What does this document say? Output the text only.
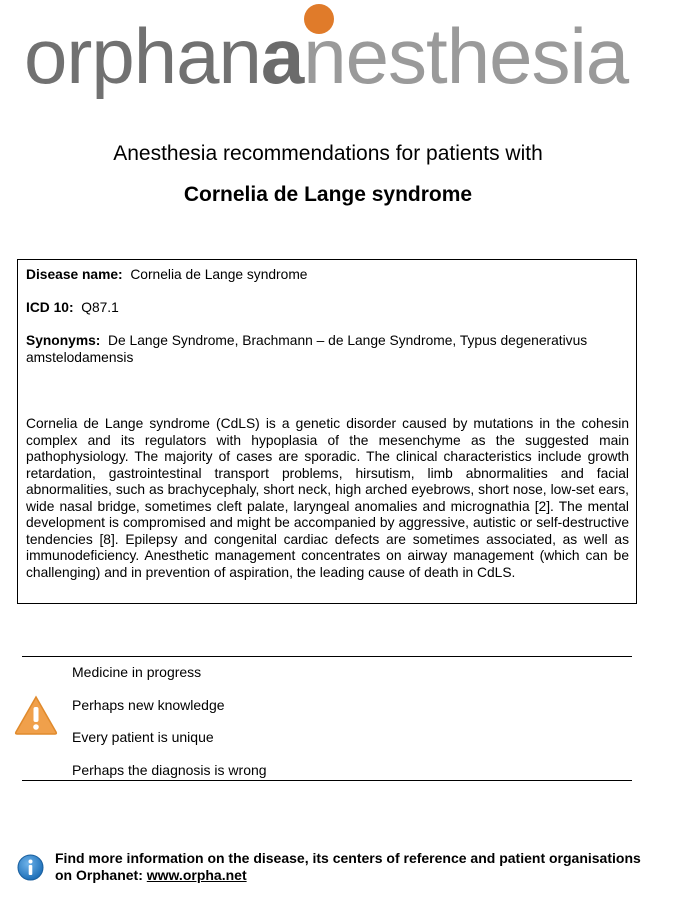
orphananesthesia
Anesthesia recommendations for patients with
Cornelia de Lange syndrome
Disease name: Cornelia de Lange syndrome
ICD 10: Q87.1
Synonyms: De Lange Syndrome, Brachmann – de Lange Syndrome, Typus degenerativus amstelodamensis
Cornelia de Lange syndrome (CdLS) is a genetic disorder caused by mutations in the cohesin complex and its regulators with hypoplasia of the mesenchyme as the suggested main pathophysiology. The majority of cases are sporadic. The clinical characteristics include growth retardation, gastrointestinal transport problems, hirsutism, limb abnormalities and facial abnormalities, such as brachycephaly, short neck, high arched eyebrows, short nose, low-set ears, wide nasal bridge, sometimes cleft palate, laryngeal anomalies and micrognathia [2]. The mental development is compromised and might be accompanied by aggressive, autistic or self-destructive tendencies [8]. Epilepsy and congenital cardiac defects are sometimes associated, as well as immunodeficiency. Anesthetic management concentrates on airway management (which can be challenging) and in prevention of aspiration, the leading cause of death in CdLS.
Medicine in progress
Perhaps new knowledge
Every patient is unique
Perhaps the diagnosis is wrong
Find more information on the disease, its centers of reference and patient organisations on Orphanet: www.orpha.net
